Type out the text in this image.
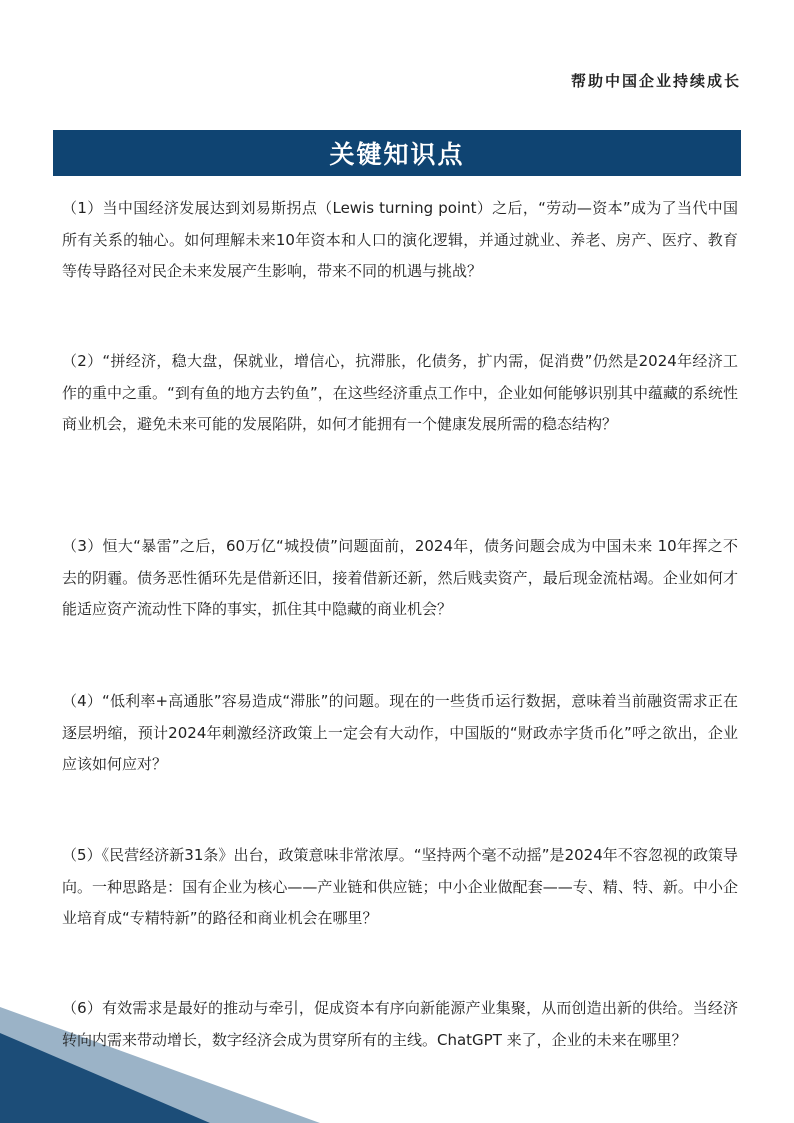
帮助中国企业持续成长
关键知识点
（1）当中国经济发展达到刘易斯拐点（Lewis turning point）之后，“劳动—资本”成为了当代中国所有关系的轴心。如何理解未来10年资本和人口的演化逻辑，并通过就业、养老、房产、医疗、教育等传导路径对民企未来发展产生影响，带来不同的机遇与挑战？
（2）“拼经济，稳大盘，保就业，增信心，抗滞胀，化债务，扩内需，促消费”仍然是2024年经济工作的重中之重。“到有鱼的地方去钓鱼”，在这些经济重点工作中，企业如何能够识别其中蕴藏的系统性商业机会，避免未来可能的发展陷阱，如何才能拥有一个健康发展所需的稳态结构？
（3）恒大“暴雷”之后，60万亿“城投债”问题面前，2024年，债务问题会成为中国未来 10年挥之不去的阴霾。债务恶性循环先是借新还旧，接着借新还新，然后贱卖资产，最后现金流枯竭。企业如何才能适应资产流动性下降的事实，抓住其中隐藏的商业机会？
（4）“低利率+高通胀”容易造成“滞胀”的问题。现在的一些货币运行数据，意味着当前融资需求正在逐层坍缩，预计2024年刺激经济政策上一定会有大动作，中国版的“财政赤字货币化”呼之欲出，企业应该如何应对？
（5）《民营经济新31条》出台，政策意味非常浓厚。“坚持两个毫不动摇”是2024年不容忽视的政策导向。一种思路是：国有企业为核心——产业链和供应链；中小企业做配套——专、精、特、新。中小企业培育成“专精特新”的路径和商业机会在哪里？
（6）有效需求是最好的推动与牵引，促成资本有序向新能源产业集聚，从而创造出新的供给。当经济转向内需来带动增长，数字经济会成为贯穿所有的主线。ChatGPT 来了，企业的未来在哪里？
